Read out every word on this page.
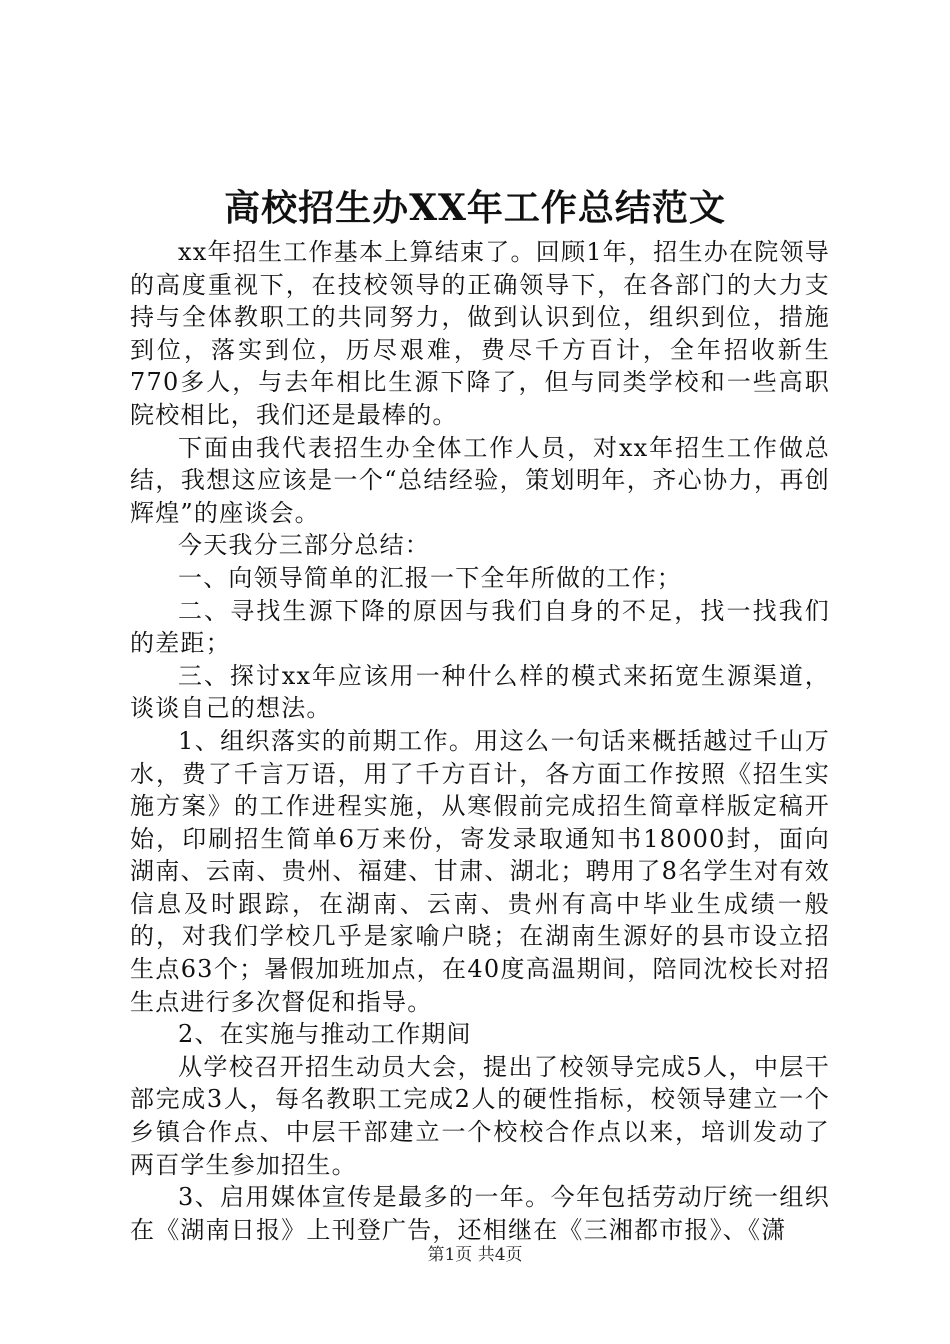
高校招生办XX年工作总结范文

xx年招生工作基本上算结束了。回顾1年，招生办在院领导的高度重视下，在技校领导的正确领导下，在各部门的大力支持与全体教职工的共同努力，做到认识到位，组织到位，措施到位，落实到位，历尽艰难，费尽千方百计，全年招收新生770多人，与去年相比生源下降了，但与同类学校和一些高职院校相比，我们还是最棒的。

下面由我代表招生办全体工作人员，对xx年招生工作做总结，我想这应该是一个“总结经验，策划明年，齐心协力，再创辉煌”的座谈会。

今天我分三部分总结：

一、向领导简单的汇报一下全年所做的工作；

二、寻找生源下降的原因与我们自身的不足，找一找我们的差距；

三、探讨xx年应该用一种什么样的模式来拓宽生源渠道，谈谈自己的想法。

1、组织落实的前期工作。用这么一句话来概括越过千山万水，费了千言万语，用了千方百计，各方面工作按照《招生实施方案》的工作进程实施，从寒假前完成招生简章样版定稿开始，印刷招生简单6万来份，寄发录取通知书18000封，面向湖南、云南、贵州、福建、甘肃、湖北；聘用了8名学生对有效信息及时跟踪，在湖南、云南、贵州有高中毕业生成绩一般的，对我们学校几乎是家喻户晓；在湖南生源好的县市设立招生点63个；暑假加班加点，在40度高温期间，陪同沈校长对招生点进行多次督促和指导。

2、在实施与推动工作期间

从学校召开招生动员大会，提出了校领导完成5人，中层干部完成3人，每名教职工完成2人的硬性指标，校领导建立一个乡镇合作点、中层干部建立一个校校合作点以来，培训发动了两百学生参加招生。

3、启用媒体宣传是最多的一年。今年包括劳动厅统一组织在《湖南日报》上刊登广告，还相继在《三湘都市报》、《潇

第1页 共4页
